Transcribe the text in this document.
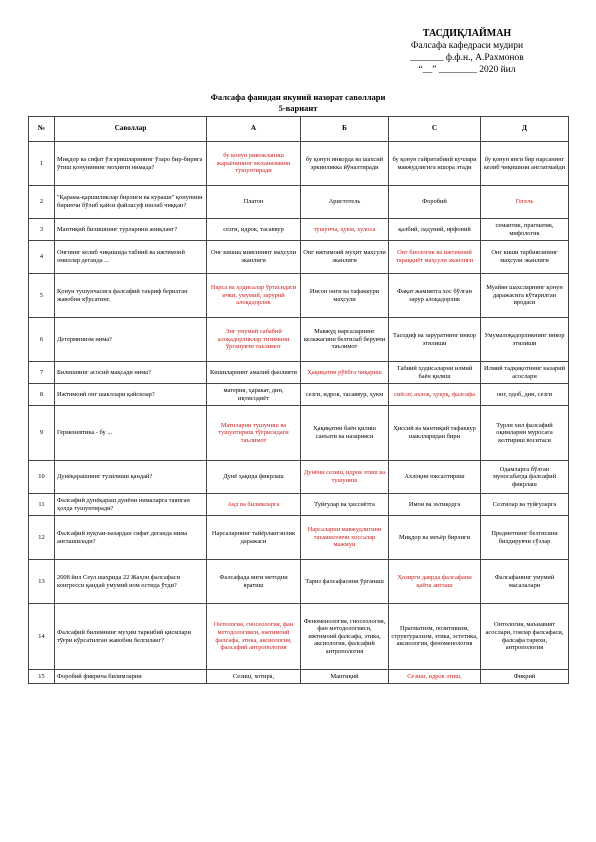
ТАСДИҚЛАЙМАН
Фалсафа кафедраси мудири
_______ ф.ф.н., А.Рахмонов
“__” ________ 2020 йил
Фалсафа фанидан якуний назорат саволлари
5-вариант
№	Саволлар	А	Б	С	Д
1	Миқдор ва сифат ўзгаришларининг ўзаро бир-бирига ўтиш қонунининг моҳияти нимада?	бу қонун ривожланиш жараёнининг механизмини тушунтиради	бу қонун инкорда ва шахсий эркинликка йўналтиради	бу қонун гайритабиий кучлари мавжудлигига ишора этади	бу қонун янги бир нарсанинг келиб чиқишини англатмайди
2	"Қарама-қаршиликлар бирлиги ва кураши" қонунини биринчи бўлиб қайси файласуф ишлаб чиққан?	Платон	Аристотель	Форобий	Гегель
3	Мантиқий билишнинг турларини аниқланг?	сезги, идрок, тасаввур	тушунча, ҳукм, хулоса	қалбий, ладуний, ирфоний	семантик, прагматик, мифологик
4	Онгнинг келиб чиқишида табиий ва ижтимоий омиллар деганда ...	Онг кишиа миясининг маҳсули эканлиги	Онг ижтимоий муҳит маҳсули эканлиги	Онг биологик ва ижтимоий тараққиёт маҳсули эканлиги	Онг киши тарбиясининг маҳсули эканлиги
5	Қонун тушунчасига фалсафий таъриф берилган жавобни кўрсатинг.	Нарса ва ҳодисалар ўртасидаги ички, умумий, зарурий алоқадорлик	Инсон онги ва тафаккури маҳсули	Фақат жамиятга хос бўлган зарур алоқадорлик	Муайян шахсларнинг қонун даражасига кўтарилган иродаси
6	Детерминизм нима?	Энг умумий сабабий алоқадорликлар тизимини ўрганувчи таълимот	Мавжуд нарсаларнинг келажагини белгилаб берувчи таълимот	Тасодиф ва заруратнинг инкор этилиши	Умумалоқадорликнинг инкор этилиши
7	Билишнинг асосий мақсади нима?	Кишиларнинг амалий фаолияти	Ҳақиқатни рўёбга чиқариш	Табиий ҳодисаларни илмий баён қилиш	Илмий тадқиқотнинг назарий асослари
8	Ижтимоий онг шакллари қайсилар?	материя, ҳаракат, дин, иқтисодиёт	сезги, идрок, тасаввур, ҳукм	сиёсат, ахлоқ, ҳуқуқ, фалсафа	онг, одоб, дин, сезги
9	Герменевтика - бу ...	Матнларни тушуниш ва тушунтириш тўғрисидаги таълимот	Ҳақиқатни баён қилиш санъати ва назарияси	Ҳиссий ва мантиқий тафаккур шаклларидан бири	Турли хил фалсафий оқимларни муросага келтириш воситаси
10	Дунёқарашнинг тузилиши қандай?	Дунё ҳақида фикрлаш	Дунёни сезиш, идрок этиш ва тушуниш	Ахлоқни юксалтириш	Одамларга бўлган муносабатда фалсафий фикрлаш
11	Фалсафий дунёқараш дунёни нималарга таянган ҳолда тушунтиради?	Ақл ва билимларга	Туйғулар ва ҳиссиётга	Имон ва эътиқодга	Сезгилар ва туйғуларга
12	Фалсафий нуқтаи-назардан сифат деганда нима англашилади?	Нарсаларнинг тайёрлангэнлик даражаси	Нарсаларни мавжудлигини таъминловчи хоссалар мажмуи	Миқдор ва меъёр бирлиги	Предметнинг белгисини билдирувчи сўзлар
13	2008 йил Сеул шаҳрида 22 Жаҳон фалсафаси конгресси қандай умумий ном остида ўтди?	Фалсафада янги методни яратиш	Тариз фалсафасини ўрганиш	Ҳозирги даврда фалсафани қайта англаш	Фалсафанинг умумий масалалари
14	Фалсафий билимнинг муҳим таркибий қисмлари тўғри кўрсатилган жавобни белгиланг?	Онтология, гносеология, фан методологияси, ижтимоий фалсафа, этика, аксиология, фалсафий антропология	Феноменология, гносеология, фан методологияси, ижтимоий фалсафа, этика, аксиология, фалсафий антропология	Прагматизм, позитивизм, структурализм, этика, эстетика, аксиология, феноменология	Онтология, маънавият асослари, гоялар фалсафаси, фалсафа тарихи, антропология
15	Форобий фикрича билимларни	Сезиш, хотира,	Мантиқий	Сезиш, идрок этиш,	Фикрий
